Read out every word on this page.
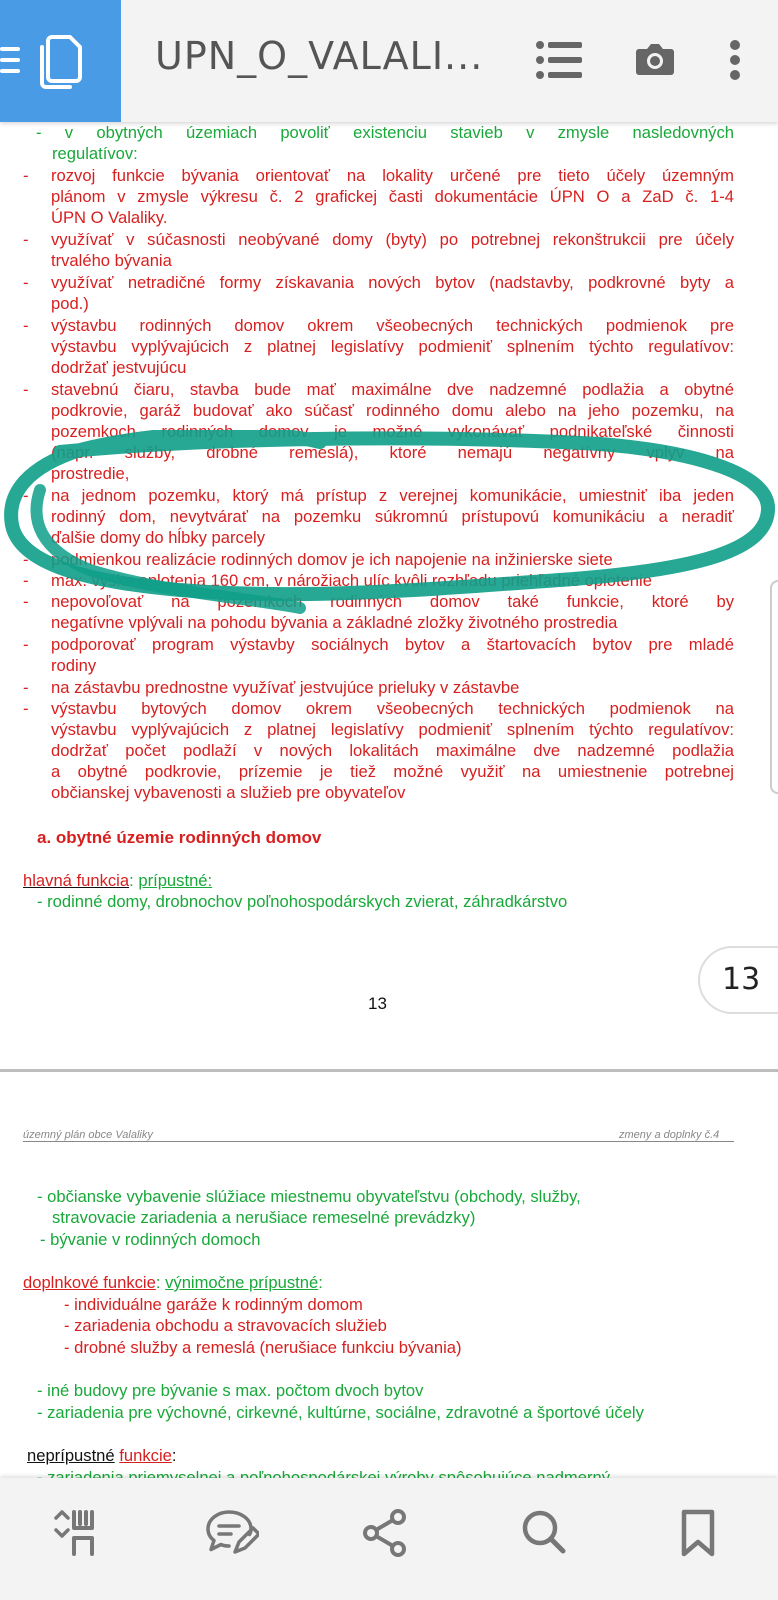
UPN_O_VALALI...
- v obytných územiach povoliť existenciu stavieb v zmysle nasledovných
regulatívov:
- rozvoj funkcie bývania orientovať na lokality určené pre tieto účely územným
plánom v zmysle výkresu č. 2 grafickej časti dokumentácie ÚPN O a ZaD č. 1-4
ÚPN O Valaliky.
- využívať v súčasnosti neobývané domy (byty) po potrebnej rekonštrukcii pre účely
trvalého bývania
- využívať netradičné formy získavania nových bytov (nadstavby, podkrovné byty a
pod.)
- výstavbu rodinných domov okrem všeobecných technických podmienok pre
výstavbu vyplývajúcich z platnej legislatívy podmieniť splnením týchto regulatívov:
dodržať jestvujúcu
- stavebnú čiaru, stavba bude mať maximálne dve nadzemné podlažia a obytné
podkrovie, garáž budovať ako súčasť rodinného domu alebo na jeho pozemku, na
pozemkoch rodinných domov je možné vykonávať podnikateľské činnosti
(napr. služby, drobné remeslá), ktoré nemajú negatívny vplyv na
prostredie,
- na jednom pozemku, ktorý má prístup z verejnej komunikácie, umiestniť iba jeden
rodinný dom, nevytvárať na pozemku súkromnú prístupovú komunikáciu a neradiť
ďalšie domy do hĺbky parcely
- podmienkou realizácie rodinných domov je ich napojenie na inžinierske siete
- max. výška oplotenia 160 cm, v nárožiach ulíc kvôli rozhľadu priehľadné oplotenie
- nepovoľovať na pozemkoch rodinných domov také funkcie, ktoré by
negatívne vplývali na pohodu bývania a základné zložky životného prostredia
- podporovať program výstavby sociálnych bytov a štartovacích bytov pre mladé
rodiny
- na zástavbu prednostne využívať jestvujúce prieluky v zástavbe
- výstavbu bytových domov okrem všeobecných technických podmienok na
výstavbu vyplývajúcich z platnej legislatívy podmieniť splnením týchto regulatívov:
dodržať počet podlaží v nových lokalitách maximálne dve nadzemné podlažia
a obytné podkrovie, prízemie je tiež možné využiť na umiestnenie potrebnej
občianskej vybavenosti a služieb pre obyvateľov
a. obytné územie rodinných domov
hlavná funkcia: prípustné:
- rodinné domy, drobnochov poľnohospodárskych zvierat, záhradkárstvo
13
13
územný plán obce Valaliky	zmeny a doplnky č.4
- občianske vybavenie slúžiace miestnemu obyvateľstvu (obchody, služby,
stravovacie zariadenia a nerušiace remeselné prevádzky)
- bývanie v rodinných domoch
doplnkové funkcie: výnimočne prípustné:
- individuálne garáže k rodinným domom
- zariadenia obchodu a stravovacích služieb
- drobné služby a remeslá (nerušiace funkciu bývania)
- iné budovy pre bývanie s max. počtom dvoch bytov
- zariadenia pre výchovné, cirkevné, kultúrne, sociálne, zdravotné a športové účely
neprípustné funkcie:
